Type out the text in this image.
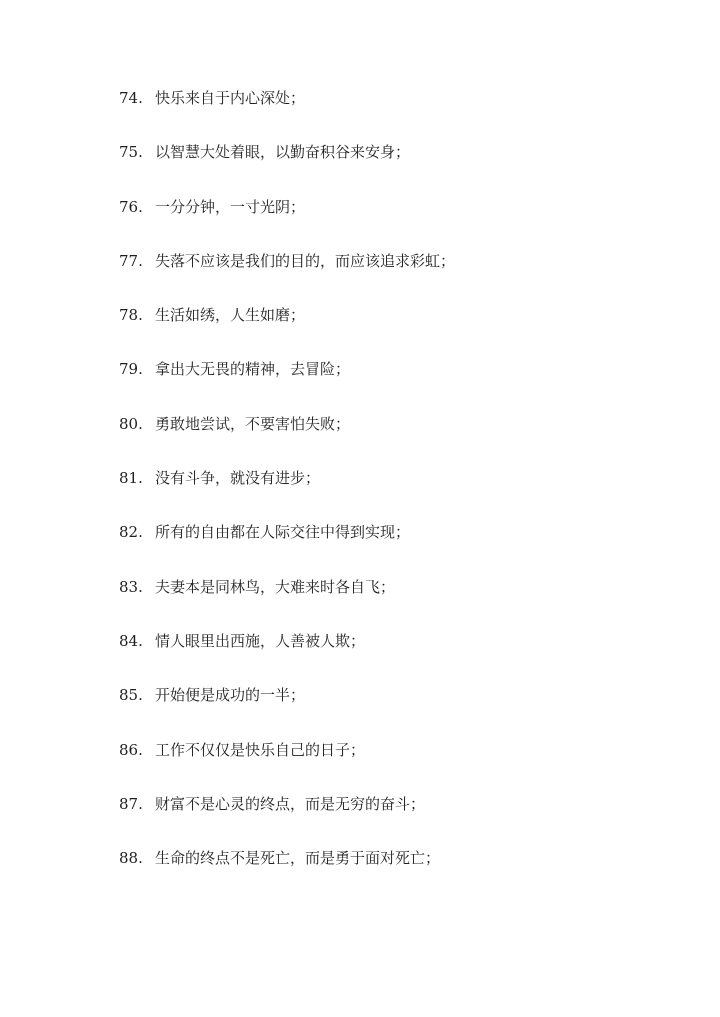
74. 快乐来自于内心深处；
75. 以智慧大处着眼，以勤奋积谷来安身；
76. 一分分钟，一寸光阴；
77. 失落不应该是我们的目的，而应该追求彩虹；
78. 生活如绣，人生如磨；
79. 拿出大无畏的精神，去冒险；
80. 勇敢地尝试，不要害怕失败；
81. 没有斗争，就没有进步；
82. 所有的自由都在人际交往中得到实现；
83. 夫妻本是同林鸟，大难来时各自飞；
84. 情人眼里出西施，人善被人欺；
85. 开始便是成功的一半；
86. 工作不仅仅是快乐自己的日子；
87. 财富不是心灵的终点，而是无穷的奋斗；
88. 生命的终点不是死亡，而是勇于面对死亡；
